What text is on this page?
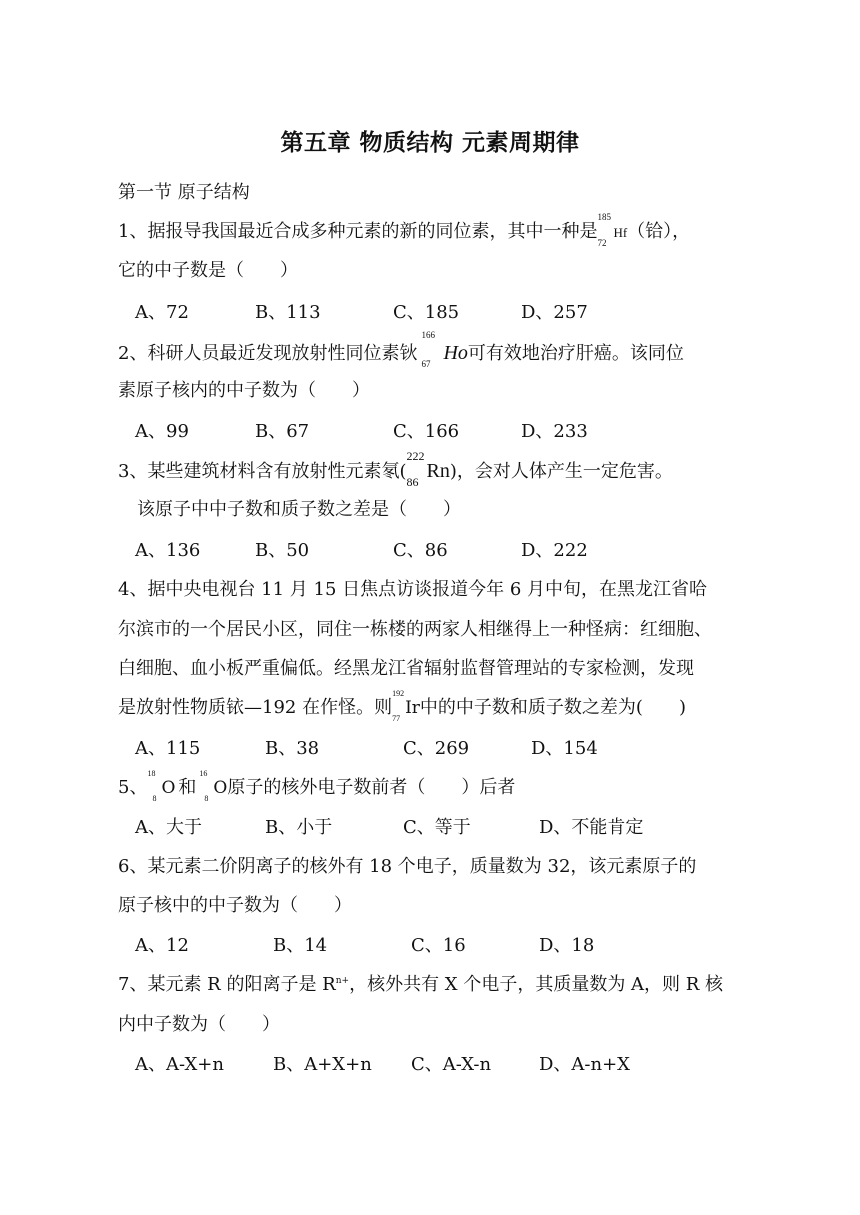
第五章 物质结构 元素周期律
第一节 原子结构
1、据报导我国最近合成多种元素的新的同位素，其中一种是
185
72
Hf（铪），
它的中子数是（　　）
A、72	B、113	C、185	D、257
2、科研人员最近发现放射性同位素钬
166
67 Ho可有效地治疗肝癌。该同位
素原子核内的中子数为（　　）
A、99	B、67	C、166	D、233
3、某些建筑材料含有放射性元素氡(
222
86 Rn)，会对人体产生一定危害。
该原子中中子数和质子数之差是（　　）
A、136	B、50	C、86	D、222
4、据中央电视台 11 月 15 日焦点访谈报道今年 6 月中旬，在黑龙江省哈
尔滨市的一个居民小区，同住一栋楼的两家人相继得上一种怪病：红细胞、
白细胞、血小板严重偏低。经黑龙江省辐射监督管理站的专家检测，发现
是放射性物质铱—192 在作怪。则
192
77
Ir中的中子数和质子数之差为(　　)
A、115	B、38	C、269	D、154
5、
18
8
O 和
16
8
O原子的核外电子数前者（　　）后者
A、大于	B、小于	C、等于	D、不能肯定
6、某元素二价阴离子的核外有 18 个电子，质量数为 32，该元素原子的
原子核中的中子数为（　　）
A、12	B、14	C、16	D、18
7、某元素 R 的阳离子是 $R^{n+}$，核外共有 X 个电子，其质量数为 A，则 R 核
内中子数为（　　）
A、A-X+n	B、A+X+n C、A-X-n	D、A-n+X
